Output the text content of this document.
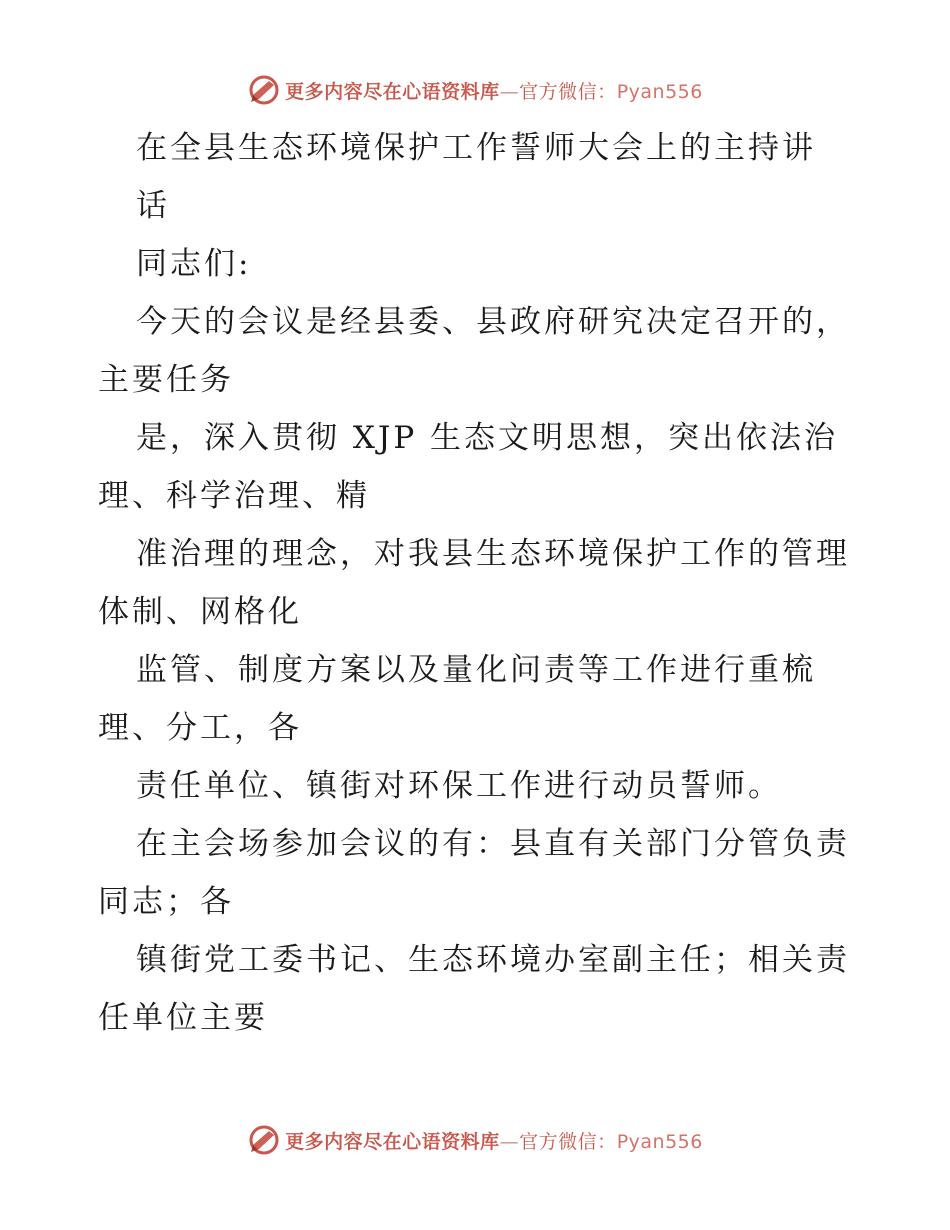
更多内容尽在心语资料库—官方微信：Pyan556
在全县生态环境保护工作誓师大会上的主持讲
话
同志们:
今天的会议是经县委、县政府研究决定召开的，
主要任务
是，深入贯彻 XJP 生态文明思想，突出依法治
理、科学治理、精
准治理的理念，对我县生态环境保护工作的管理
体制、网格化
监管、制度方案以及量化问责等工作进行重梳
理、分工，各
责任单位、镇街对环保工作进行动员誓师。
在主会场参加会议的有：县直有关部门分管负责
同志；各
镇街党工委书记、生态环境办室副主任；相关责
任单位主要
更多内容尽在心语资料库—官方微信：Pyan556
